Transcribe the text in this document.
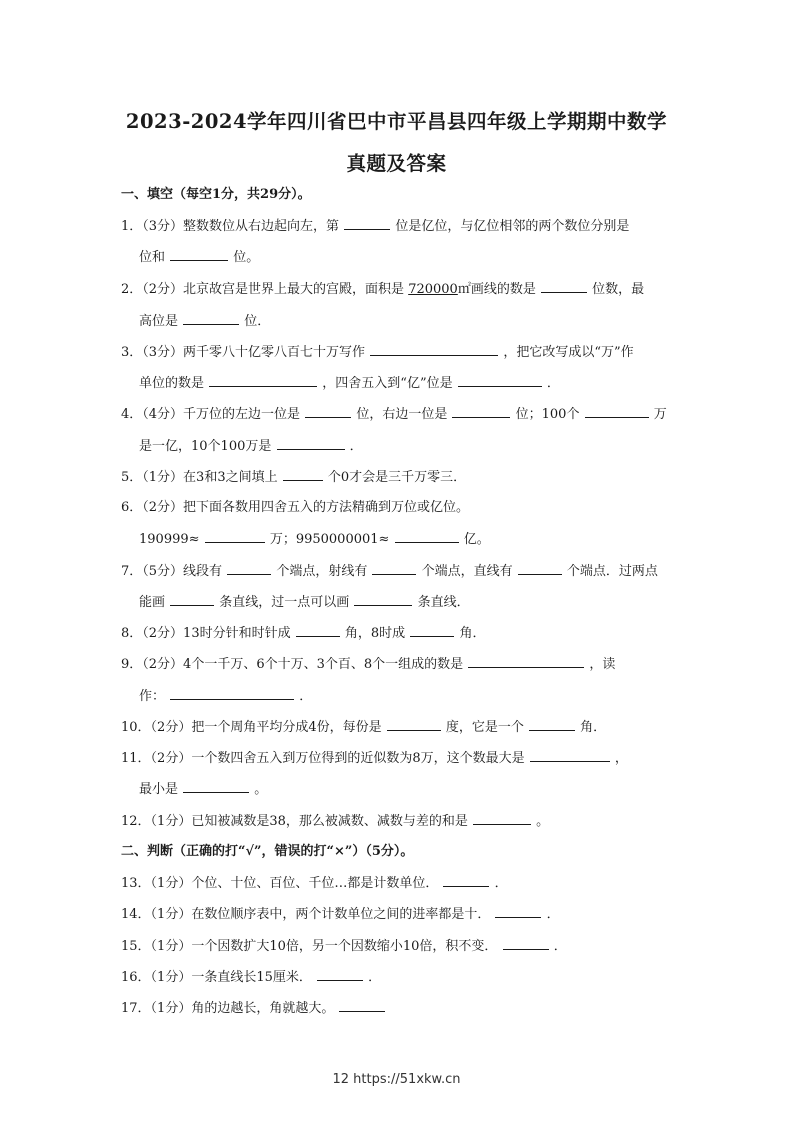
2023-2024学年四川省巴中市平昌县四年级上学期期中数学
真题及答案
一、填空（每空1分，共29分）。
1．（3分）整数数位从右边起向左，第	位是亿位，与亿位相邻的两个数位分别是
位和	位。
2．（2分）北京故宫是世界上最大的宫殿，面积是 720000㎡画线的数是	位数，最
高位是	位．
3．（3分）两千零八十亿零八百七十万写作	，把它改写成以“万”作
单位的数是	，四舍五入到“亿”位是	．
4．（4分）千万位的左边一位是	位，右边一位是	位；100个	万
是一亿，10个100万是	．
5．（1分）在3和3之间填上	个0才会是三千万零三．
6．（2分）把下面各数用四舍五入的方法精确到万位或亿位。
190999≈	万；9950000001≈	亿。
7．（5分）线段有	个端点，射线有	个端点，直线有	个端点．过两点
能画	条直线，过一点可以画	条直线．
8．（2分）13时分针和时针成	角，8时成	角．
9．（2分）4个一千万、6个十万、3个百、8个一组成的数是	，读
作：	．
10．（2分）把一个周角平均分成4份，每份是	度，它是一个	角．
11．（2分）一个数四舍五入到万位得到的近似数为8万，这个数最大是	，
最小是	。
12．（1分）已知被减数是38，那么被减数、减数与差的和是	。
二、判断（正确的打“√”，错误的打“×”）（5分）。
13．（1分）个位、十位、百位、千位…都是计数单位．	．
14．（1分）在数位顺序表中，两个计数单位之间的进率都是十．	．
15．（1分）一个因数扩大10倍，另一个因数缩小10倍，积不变．	．
16．（1分）一条直线长15厘米．	．
17．（1分）角的边越长，角就越大。
12 https://51xkw.cn
